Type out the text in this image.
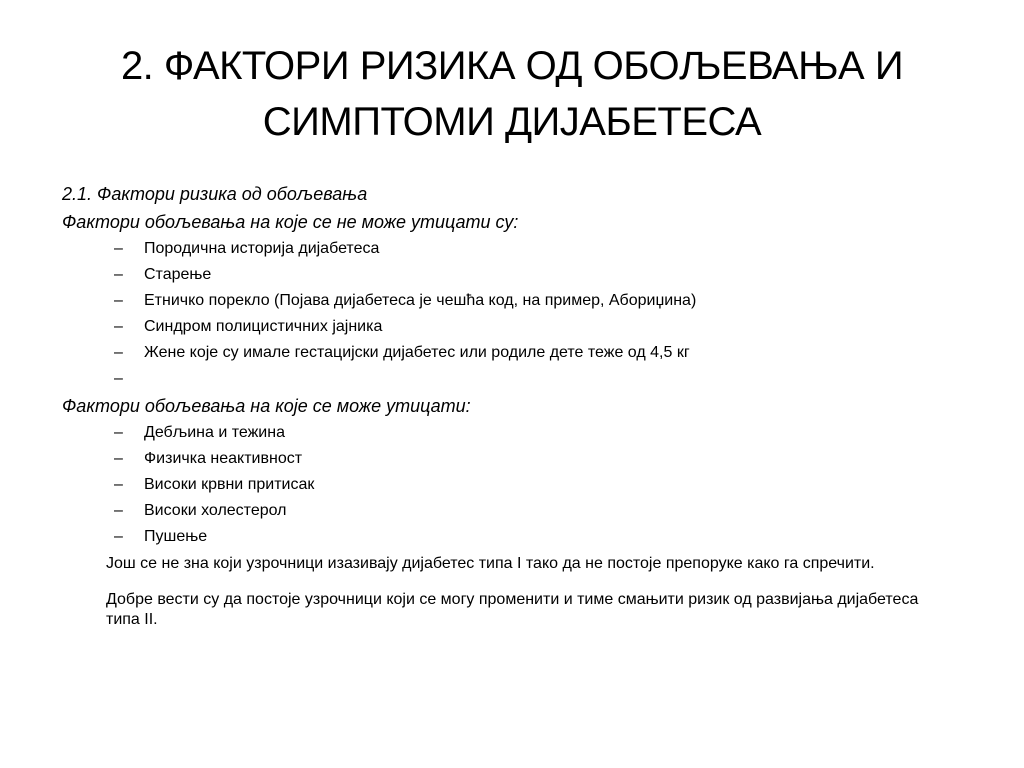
2. ФАКТОРИ РИЗИКА ОД ОБОЉЕВАЊА И
СИМПТОМИ ДИЈАБЕТЕСА

2.1. Фактори ризика од обољевања

Фактори обољевања на које се не може утицати су:

–	Породична историја дијабетеса
–	Старење
–	Етничко порекло (Појава дијабетеса је чешћа код, на пример, Абориџина)
–	Синдром полицистичних јајника
–	Жене које су имале гестацијски дијабетес или родиле дете теже од 4,5 кг
–

Фактори обољевања на које се може утицати:

–	Дебљина и тежина
–	Физичка неактивност
–	Високи крвни притисак
–	Високи холестерол
–	Пушење

Још се не зна који узрочници изазивају дијабетес типа I тако да не постоје препоруке како га спречити.

Добре вести су да постоје узрочници који се могу променити и тиме смањити ризик од развијања дијабетеса типа II.
